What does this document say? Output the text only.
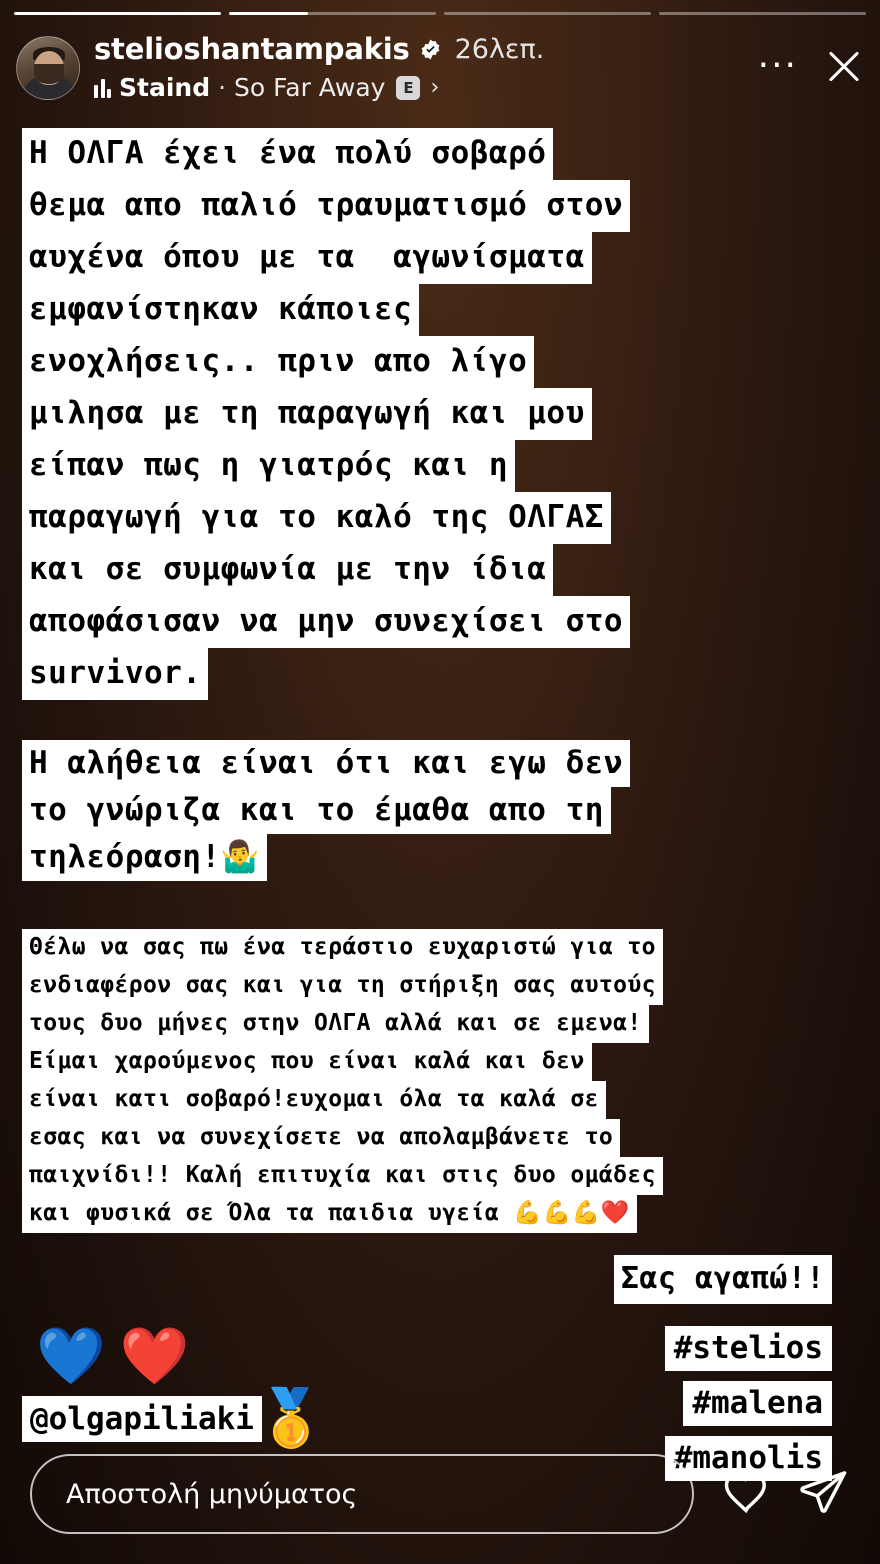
stelioshantampakis 26λεπ.
Staind · So Far Away	E ›
···
Η ΟΛΓΑ έχει ένα πολύ σοβαρό
θεμα απο παλιό τραυματισμό στον
αυχένα όπου με τα  αγωνίσματα
εμφανίστηκαν κάποιες
ενοχλήσεις.. πριν απο λίγο
μιλησα με τη παραγωγή και μου
είπαν πως η γιατρός και η
παραγωγή για το καλό της ΟΛΓΑΣ
και σε συμφωνία με την ίδια
αποφάσισαν να μην συνεχίσει στο
survivor.
Η αλήθεια είναι ότι και εγω δεν
το γνώριζα και το έμαθα απο τη
τηλεόραση!🤷‍♂️
Θέλω να σας πω ένα τεράστιο ευχαριστώ για το
ενδιαφέρον σας και για τη στήριξη σας αυτούς
τους δυο μήνες στην ΟΛΓΑ αλλά και σε εμενα!
Είμαι χαρούμενος που είναι καλά και δεν
είναι κατι σοβαρό!ευχομαι όλα τα καλά σε
εσας και να συνεχίσετε να απολαμβάνετε το
παιχνίδι!! Καλή επιτυχία και στις δυο ομάδες
και φυσικά σε Όλα τα παιδια υγεία 💪💪💪❤️
Σας αγαπώ!!
💙❤️
@olgapiliaki 🥇
#stelios
#malena
#manolis
Αποστολή μηνύματος
